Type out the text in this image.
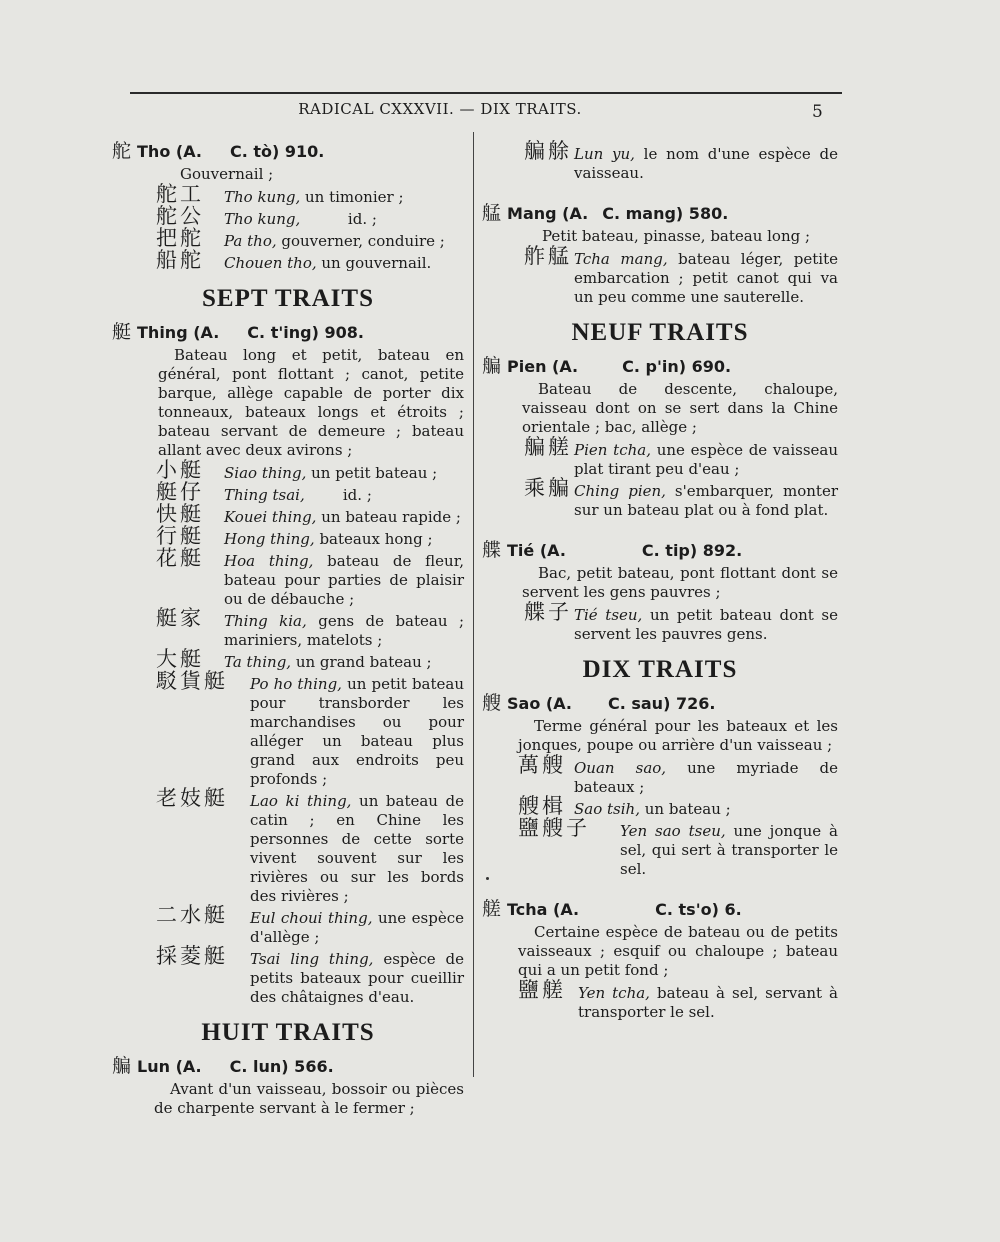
RADICAL CXXXVII. — DIX TRAITS.	5
舵 Tho (A. C. tò) 910.
Gouvernail ;
舵工 Tho kung, un timonier ;
舵公 Tho kung,          id. ;
把舵 Pa tho, gouverner, conduire ;
船舵 Chouen tho, un gouvernail.
SEPT TRAITS
艇 Thing (A. C. t'ing) 908.
Bateau long et petit, bateau en général, pont flottant ; canot, petite barque, allège capable de porter dix tonneaux, bateaux longs et étroits ; bateau servant de demeure ; bateau allant avec deux avirons ;
小艇 Siao thing, un petit bateau ;
艇仔 Thing tsai,        id. ;
快艇 Kouei thing, un bateau rapide ;
行艇 Hong thing, bateaux hong ;
花艇 Hoa thing, bateau de fleur, bateau pour parties de plaisir ou de débauche ;
艇家 Thing kia, gens de bateau ; mariniers, matelots ;
大艇 Ta thing, un grand bateau ;
駁貨艇 Po ho thing, un petit bateau pour transborder les marchandises ou pour alléger un bateau plus grand aux endroits peu profonds ;
老妓艇 Lao ki thing, un bateau de catin ; en Chine les personnes de cette sorte vivent souvent sur les rivières ou sur les bords des rivières ;
二水艇 Eul choui thing, une espèce d'allège ;
採菱艇 Tsai ling thing, espèce de petits bateaux pour cueillir des châtaignes d'eau.
HUIT TRAITS
艑 Lun (A. C. lun) 566.
Avant d'un vaisseau, bossoir ou pièces de charpente servant à le fermer ;
艑艅 Lun yu, le nom d'une espèce de vaisseau.
艋 Mang (A. C. mang) 580.
Petit bateau, pinasse, bateau long ;
舴艋 Tcha mang, bateau léger, petite embarcation ; petit canot qui va un peu comme une sauterelle.
NEUF TRAITS
艑 Pien (A.	C. p'in) 690.
Bateau de descente, chaloupe, vaisseau dont on se sert dans la Chine orientale ; bac, allège ;
艑艖 Pien tcha, une espèce de vaisseau plat tirant peu d'eau ;
乘艑 Ching pien, s'embarquer, monter sur un bateau plat ou à fond plat.
艓 Tié (A.	C. tip) 892.
Bac, petit bateau, pont flottant dont se servent les gens pauvres ;
艓子 Tié tseu, un petit bateau dont se servent les pauvres gens.
DIX TRAITS
艘 Sao (A. C. sau) 726.
Terme général pour les bateaux et les jonques, poupe ou arrière d'un vaisseau ;
萬艘 Ouan sao, une myriade de bateaux ;
艘楫 Sao tsih, un bateau ;
鹽艘子 Yen sao tseu, une jonque à sel, qui sert à transporter le sel.
艖 Tcha (A.	C. ts'o) 6.
Certaine espèce de bateau ou de petits vaisseaux ; esquif ou chaloupe ; bateau qui a un petit fond ;
鹽艖 Yen tcha, bateau à sel, servant à transporter le sel.
